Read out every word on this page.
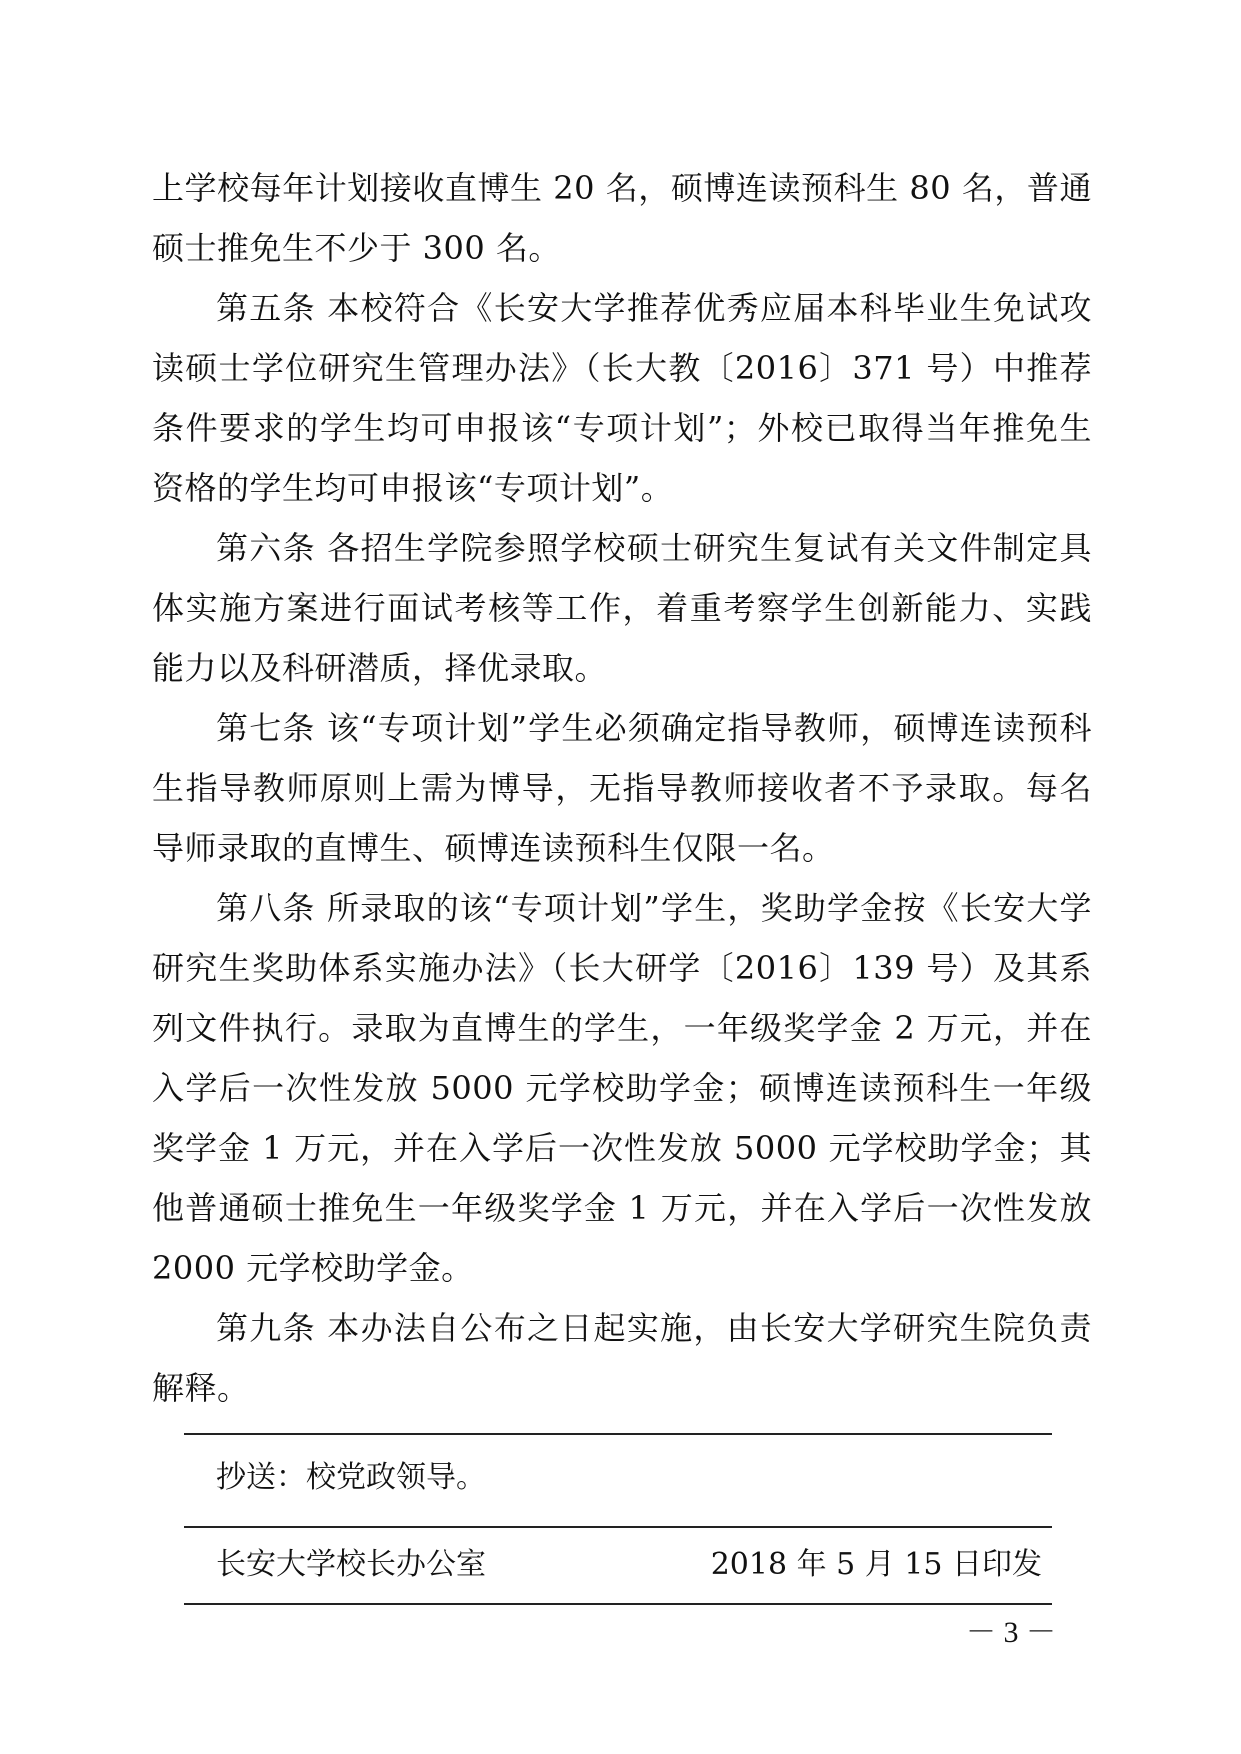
上学校每年计划接收直博生 20 名，硕博连读预科生 80 名，普通硕士推免生不少于 300 名。

第五条 本校符合《长安大学推荐优秀应届本科毕业生免试攻读硕士学位研究生管理办法》（长大教〔2016〕371 号）中推荐条件要求的学生均可申报该“专项计划”；外校已取得当年推免生资格的学生均可申报该“专项计划”。

第六条 各招生学院参照学校硕士研究生复试有关文件制定具体实施方案进行面试考核等工作，着重考察学生创新能力、实践能力以及科研潜质，择优录取。

第七条 该“专项计划”学生必须确定指导教师，硕博连读预科生指导教师原则上需为博导，无指导教师接收者不予录取。每名导师录取的直博生、硕博连读预科生仅限一名。

第八条 所录取的该“专项计划”学生，奖助学金按《长安大学研究生奖助体系实施办法》（长大研学〔2016〕139 号）及其系列文件执行。录取为直博生的学生，一年级奖学金 2 万元，并在入学后一次性发放 5000 元学校助学金；硕博连读预科生一年级奖学金 1 万元，并在入学后一次性发放 5000 元学校助学金；其他普通硕士推免生一年级奖学金 1 万元，并在入学后一次性发放 2000 元学校助学金。

第九条 本办法自公布之日起实施，由长安大学研究生院负责解释。

抄送：校党政领导。
长安大学校长办公室	2018 年 5 月 15 日印发
－ 3 －
